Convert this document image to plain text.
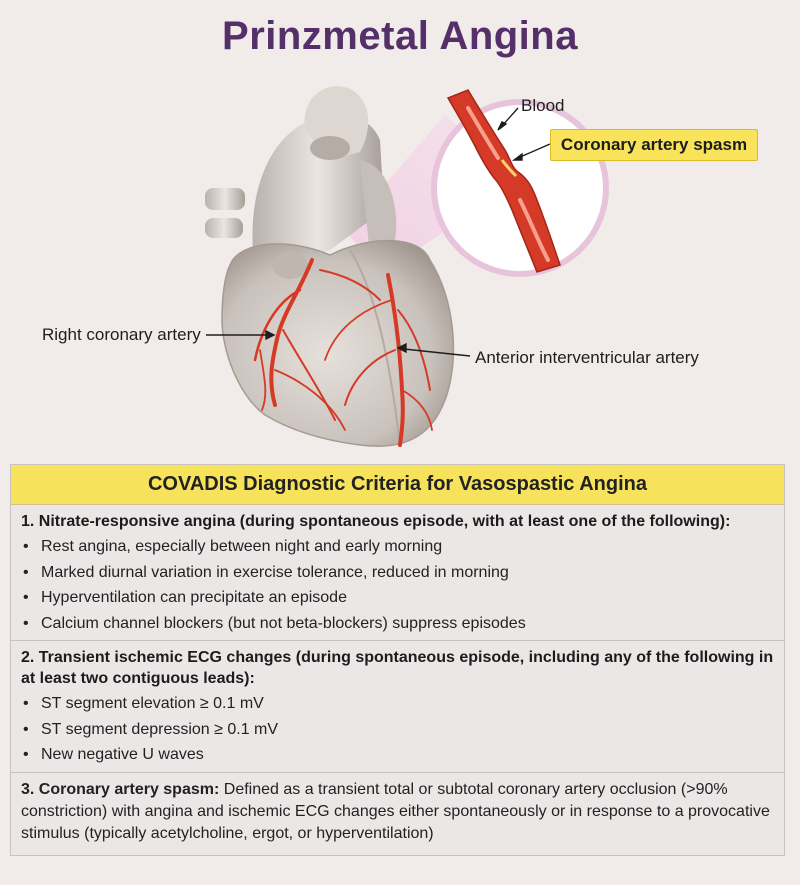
Prinzmetal Angina
Blood
Coronary artery spasm
Right coronary artery
Anterior interventricular artery
COVADIS Diagnostic Criteria for Vasospastic Angina
1. Nitrate-responsive angina (during spontaneous episode, with at least one of the following):
• Rest angina, especially between night and early morning
• Marked diurnal variation in exercise tolerance, reduced in morning
• Hyperventilation can precipitate an episode
• Calcium channel blockers (but not beta-blockers) suppress episodes
2. Transient ischemic ECG changes (during spontaneous episode, including any of the following in at least two contiguous leads):
• ST segment elevation ≥ 0.1 mV
• ST segment depression ≥ 0.1 mV
• New negative U waves
3. Coronary artery spasm: Defined as a transient total or subtotal coronary artery occlusion (>90% constriction) with angina and ischemic ECG changes either spontaneously or in response to a provocative stimulus (typically acetylcholine, ergot, or hyperventilation)
